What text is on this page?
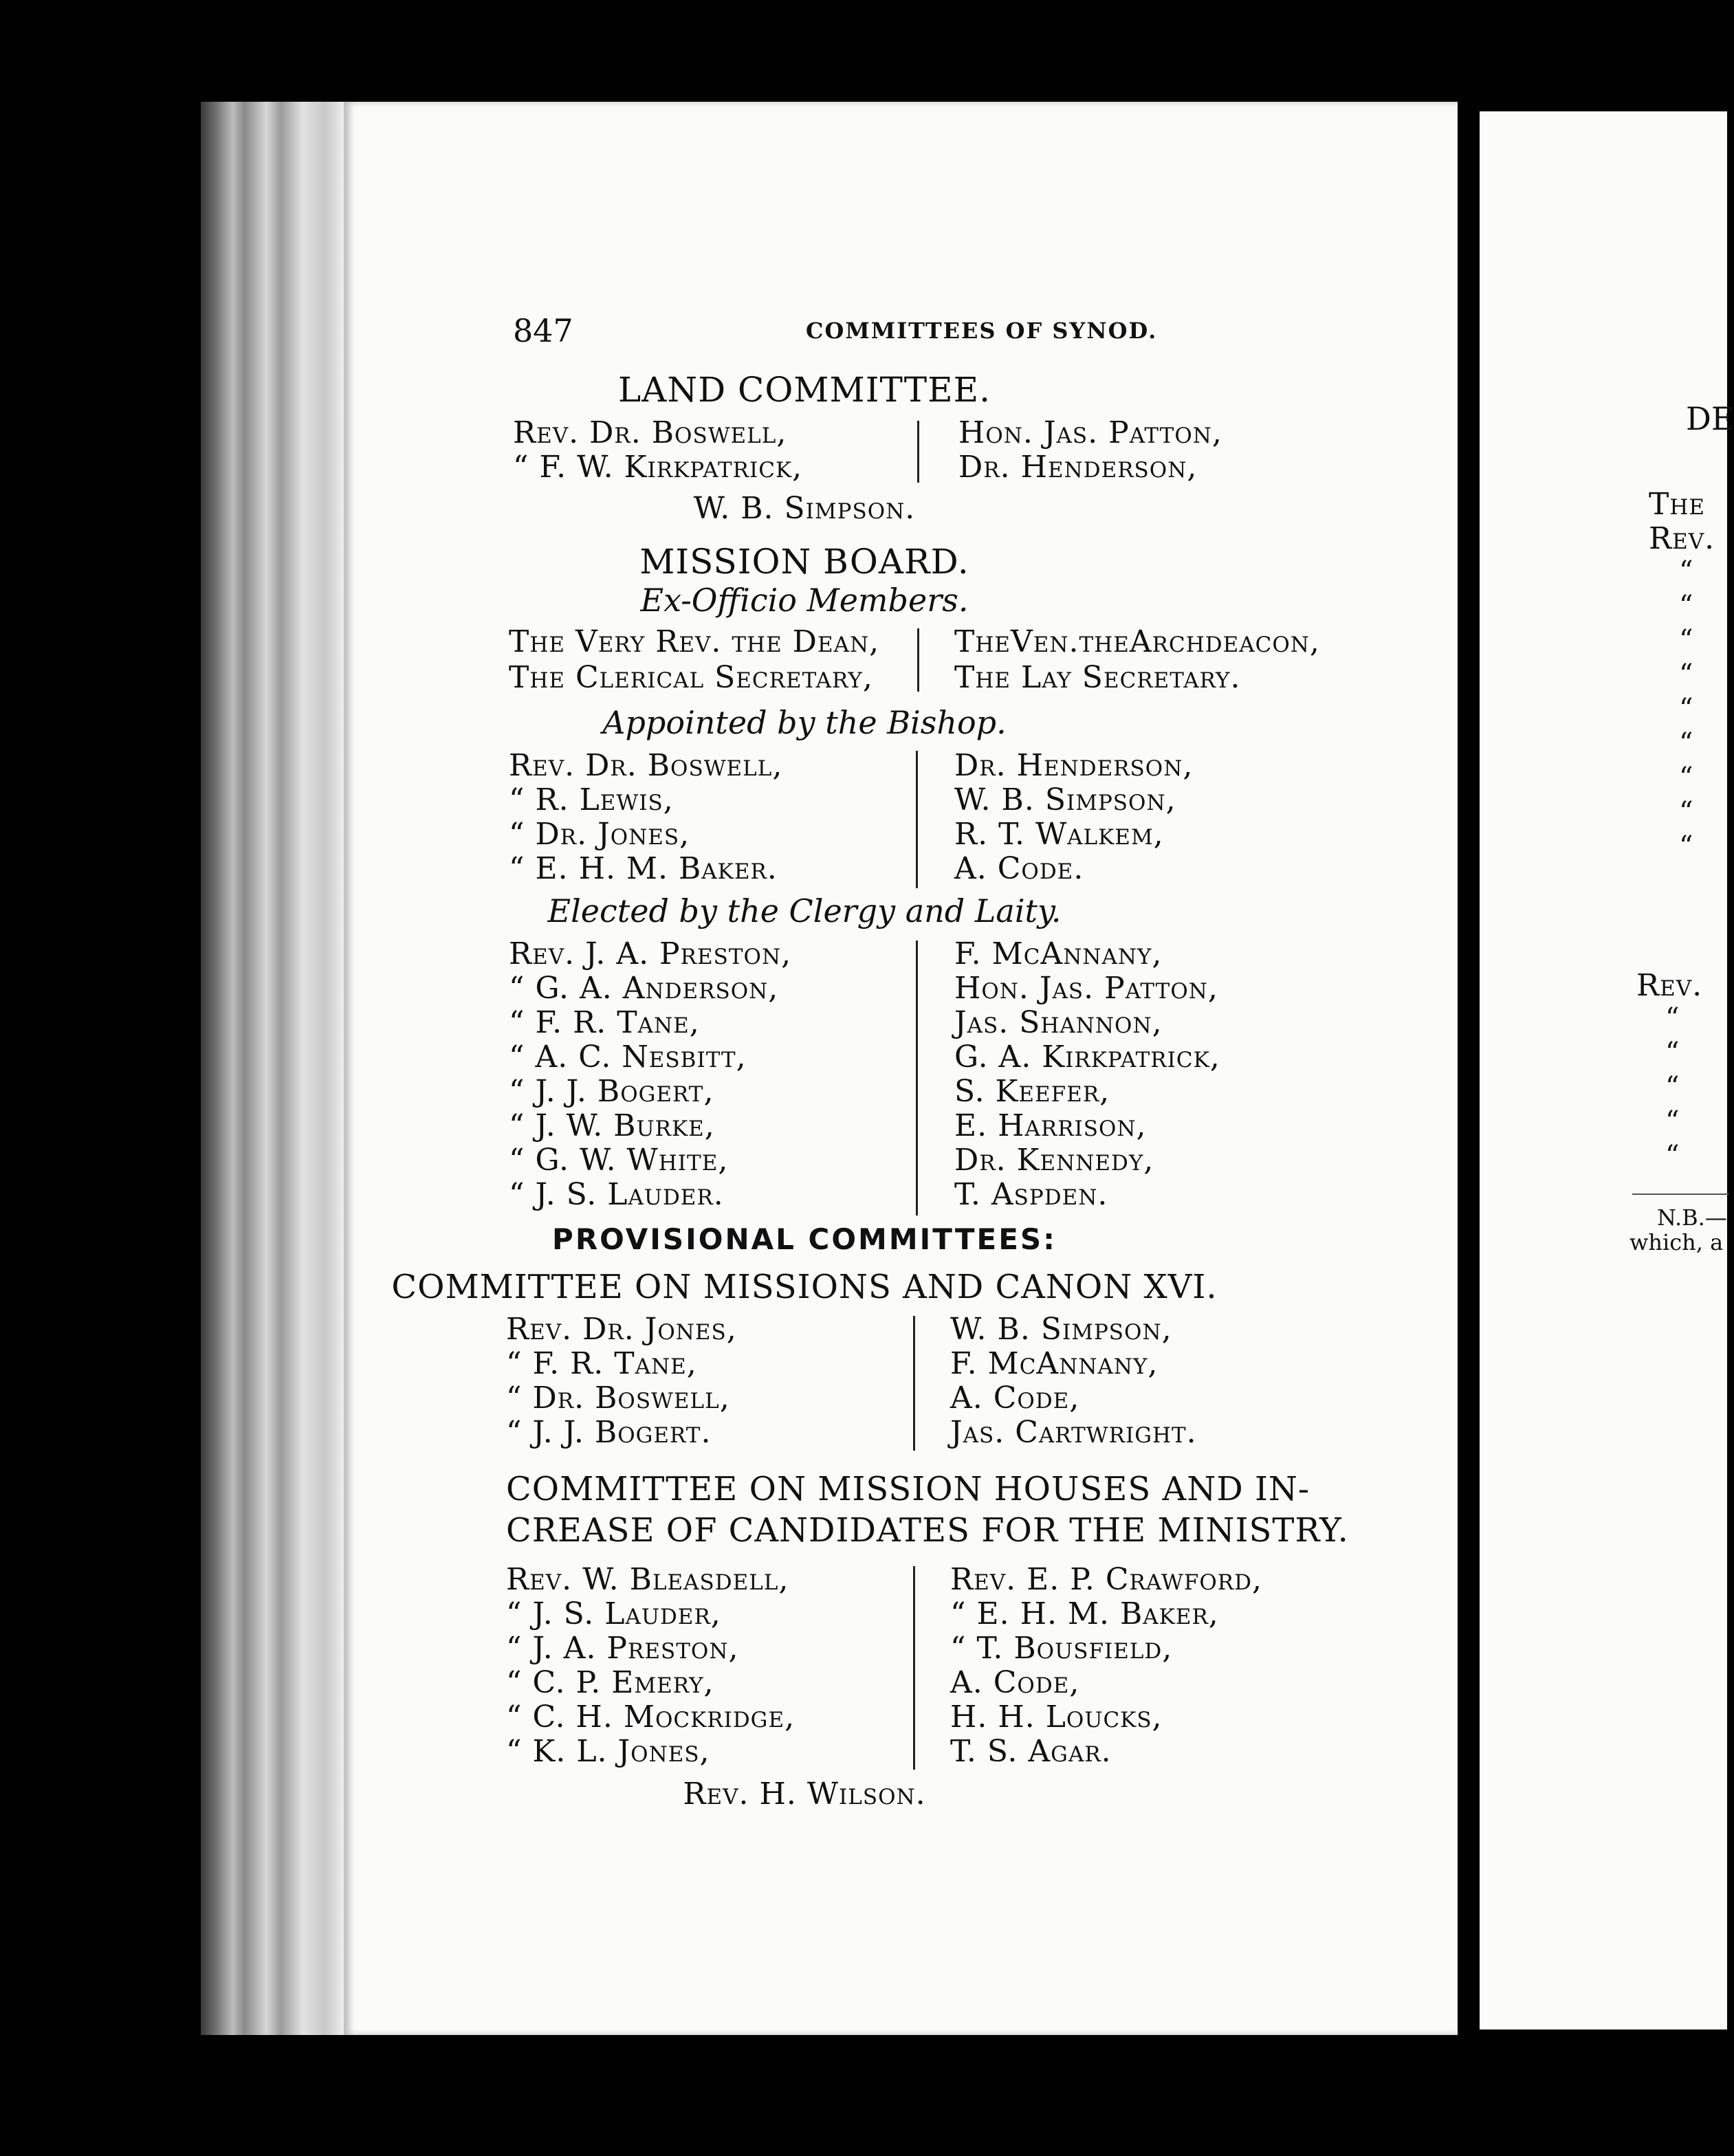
847	COMMITTEES OF SYNOD.
LAND COMMITTEE.
Rev. Dr. Boswell,
“ F. W. Kirkpatrick,
Hon. Jas. Patton,
Dr. Henderson,
W. B. Simpson.
MISSION BOARD.
Ex-Officio Members.
The Very Rev. the Dean,
The Clerical Secretary,
TheVen.theArchdeacon,
The Lay Secretary.
Appointed by the Bishop.
Rev. Dr. Boswell,
“ R. Lewis,
“ Dr. Jones,
“ E. H. M. Baker.
Dr. Henderson,
W. B. Simpson,
R. T. Walkem,
A. Code.
Elected by the Clergy and Laity.
Rev. J. A. Preston,
“ G. A. Anderson,
“ F. R. Tane,
“ A. C. Nesbitt,
“ J. J. Bogert,
“ J. W. Burke,
“ G. W. White,
“ J. S. Lauder.
F. McAnnany,
Hon. Jas. Patton,
Jas. Shannon,
G. A. Kirkpatrick,
S. Keefer,
E. Harrison,
Dr. Kennedy,
T. Aspden.
PROVISIONAL COMMITTEES:
COMMITTEE ON MISSIONS AND CANON XVI.
Rev. Dr. Jones,
“ F. R. Tane,
“ Dr. Boswell,
“ J. J. Bogert.
W. B. Simpson,
F. McAnnany,
A. Code,
Jas. Cartwright.
COMMITTEE ON MISSION HOUSES AND IN-
CREASE OF CANDIDATES FOR THE MINISTRY.
Rev. W. Bleasdell,
“ J. S. Lauder,
“ J. A. Preston,
“ C. P. Emery,
“ C. H. Mockridge,
“ K. L. Jones,
Rev. E. P. Crawford,
“ E. H. M. Baker,
“ T. Bousfield,
A. Code,
H. H. Loucks,
T. S. Agar.
Rev. H. Wilson.
DE
The
Rev.
“
“
“
“
“
“
“
“
“
Rev.
“
“
“
“
“
N.B.—
which, a
